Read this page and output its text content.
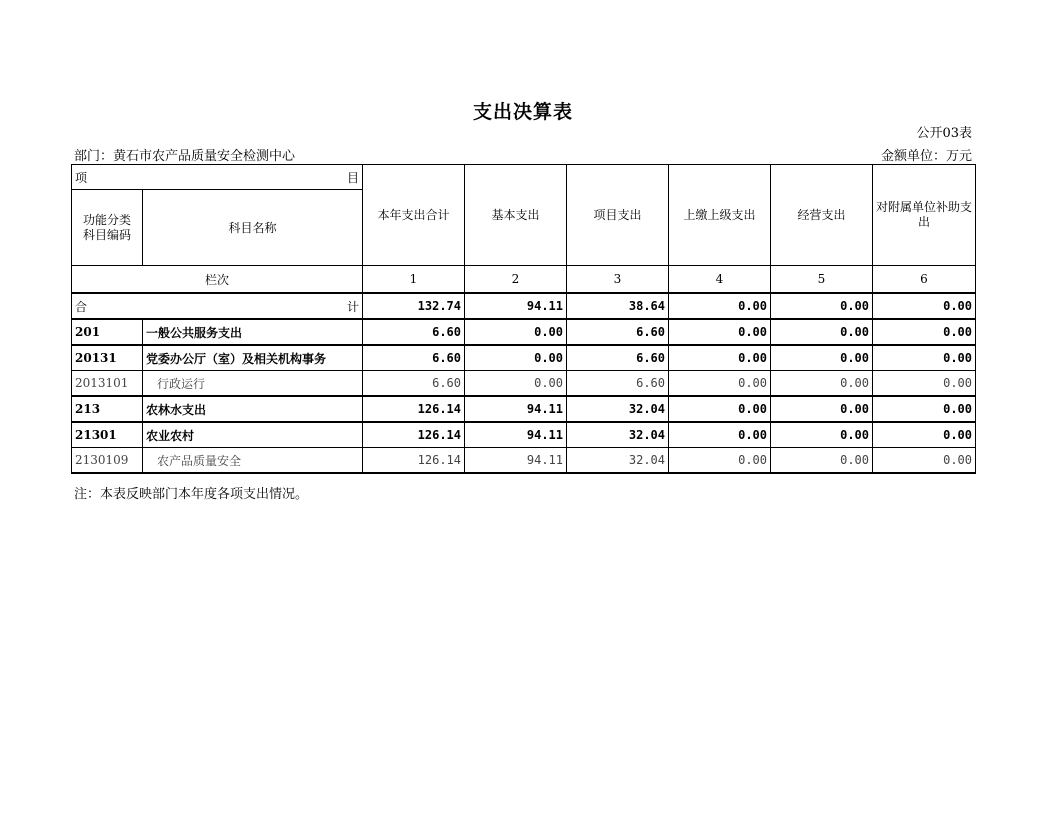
支出决算表
公开03表
部门：黄石市农产品质量安全检测中心	金额单位：万元
项 目		本年支出合计	基本支出	项目支出	上缴上级支出	经营支出	对附属单位补助支出

功能分类科目编码	科目名称						
栏次		1	2	3	4	5	6

合 计		132.74	94.11	38.64	0.00	0.00	0.00
201	一般公共服务支出	6.60	0.00	6.60	0.00	0.00	0.00
20131	党委办公厅（室）及相关机构事务	6.60	0.00	6.60	0.00	0.00	0.00
2013101	行政运行	6.60	0.00	6.60	0.00	0.00	0.00
213	农林水支出	126.14	94.11	32.04	0.00	0.00	0.00
21301	农业农村	126.14	94.11	32.04	0.00	0.00	0.00
2130109	农产品质量安全	126.14	94.11	32.04	0.00	0.00	0.00
注：本表反映部门本年度各项支出情况。
